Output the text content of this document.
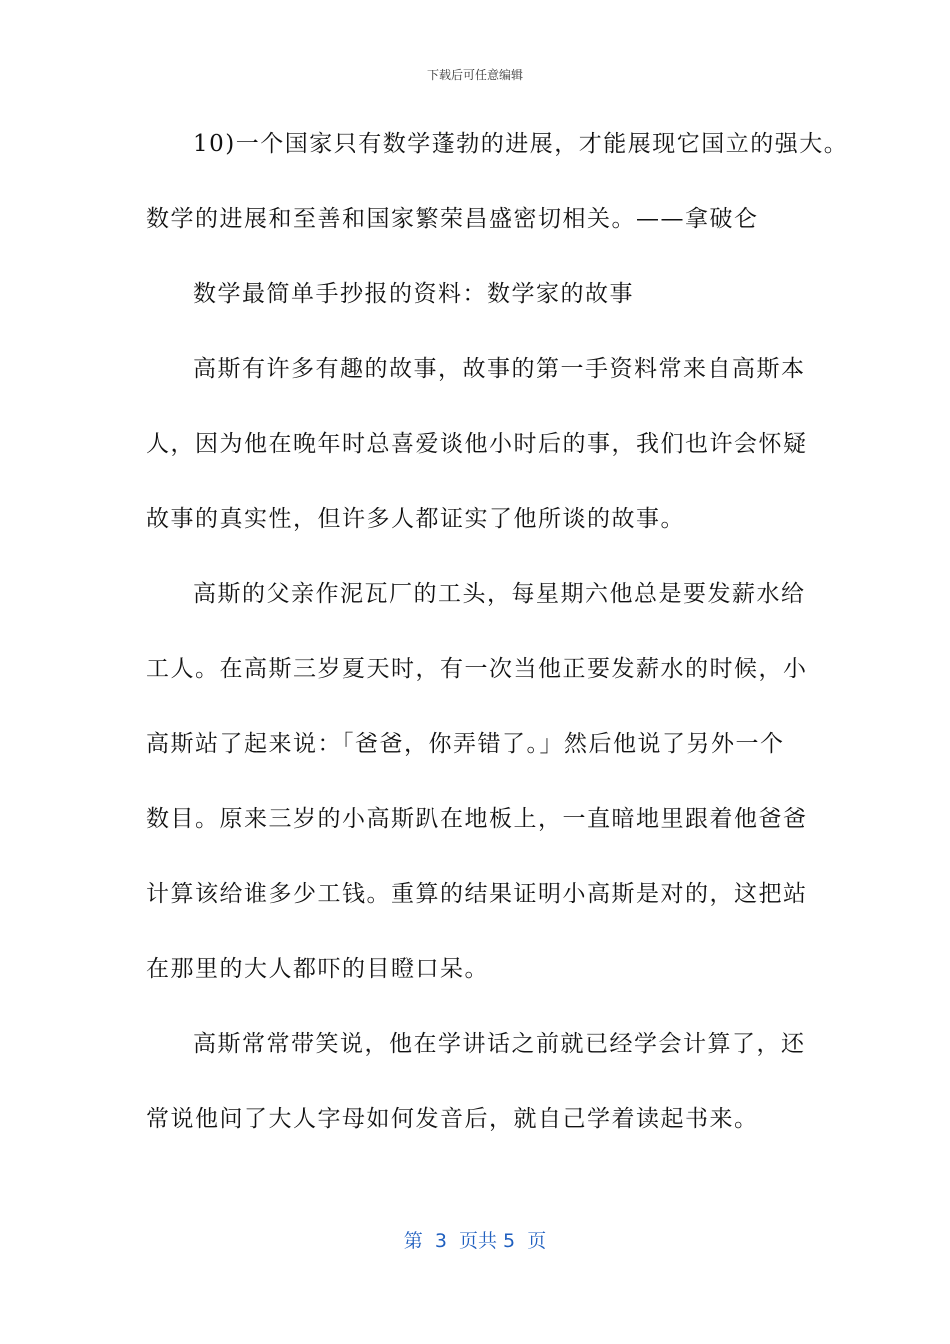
下载后可任意编辑
10)一个国家只有数学蓬勃的进展，才能展现它国立的强大。
数学的进展和至善和国家繁荣昌盛密切相关。——拿破仑
数学最简单手抄报的资料：数学家的故事
高斯有许多有趣的故事，故事的第一手资料常来自高斯本
人，因为他在晚年时总喜爱谈他小时后的事，我们也许会怀疑
故事的真实性，但许多人都证实了他所谈的故事。
高斯的父亲作泥瓦厂的工头，每星期六他总是要发薪水给
工人。在高斯三岁夏天时，有一次当他正要发薪水的时候，小
高斯站了起来说：「爸爸，你弄错了。」然后他说了另外一个
数目。原来三岁的小高斯趴在地板上，一直暗地里跟着他爸爸
计算该给谁多少工钱。重算的结果证明小高斯是对的，这把站
在那里的大人都吓的目瞪口呆。
高斯常常带笑说，他在学讲话之前就已经学会计算了，还
常说他问了大人字母如何发音后，就自己学着读起书来。
第  3  页共 5  页
